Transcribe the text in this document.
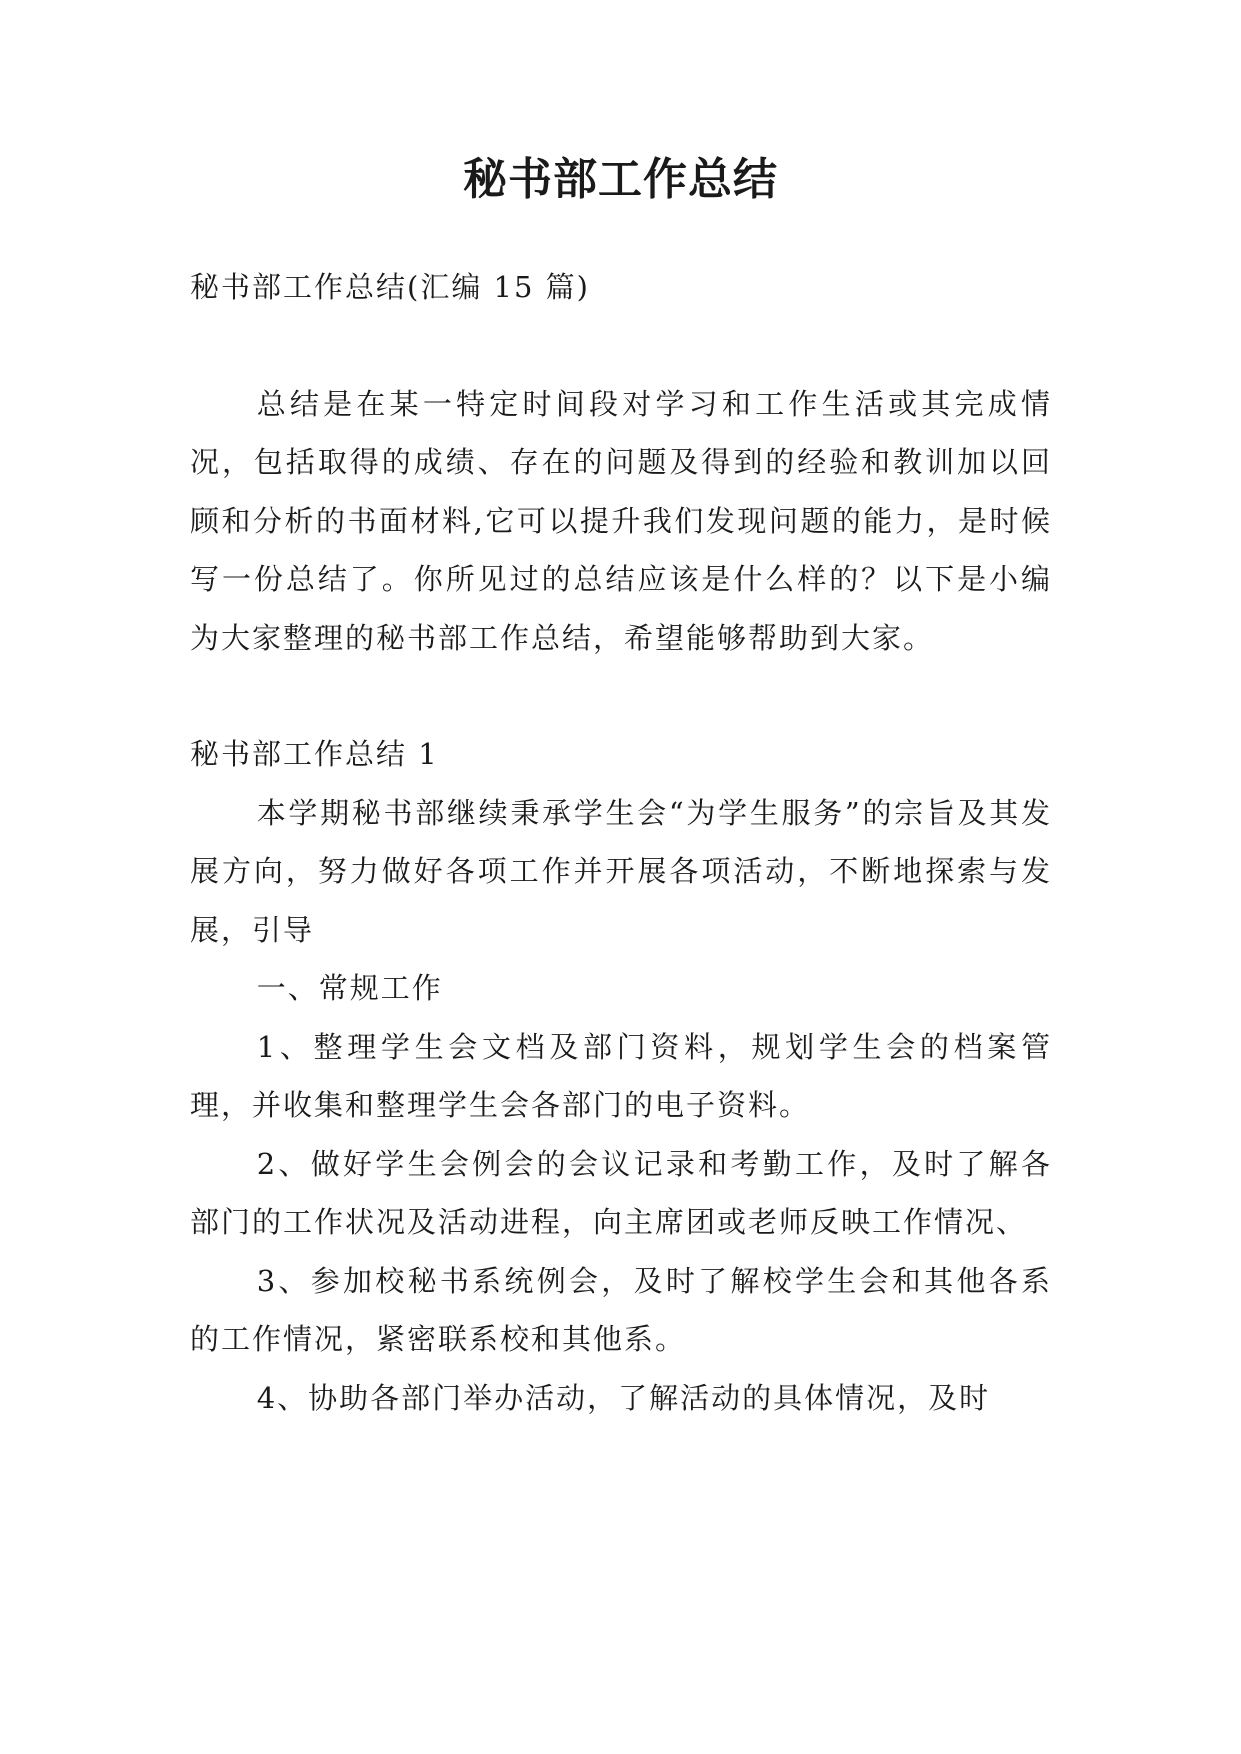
秘书部工作总结

秘书部工作总结(汇编 15 篇)

总结是在某一特定时间段对学习和工作生活或其完成情况，包括取得的成绩、存在的问题及得到的经验和教训加以回顾和分析的书面材料,它可以提升我们发现问题的能力，是时候写一份总结了。你所见过的总结应该是什么样的？以下是小编为大家整理的秘书部工作总结，希望能够帮助到大家。

秘书部工作总结 1

本学期秘书部继续秉承学生会“为学生服务”的宗旨及其发展方向，努力做好各项工作并开展各项活动，不断地探索与发展，引导

一、常规工作

1、整理学生会文档及部门资料，规划学生会的档案管理，并收集和整理学生会各部门的电子资料。

2、做好学生会例会的会议记录和考勤工作，及时了解各部门的工作状况及活动进程，向主席团或老师反映工作情况、

3、参加校秘书系统例会，及时了解校学生会和其他各系的工作情况，紧密联系校和其他系。

4、协助各部门举办活动，了解活动的具体情况，及时
